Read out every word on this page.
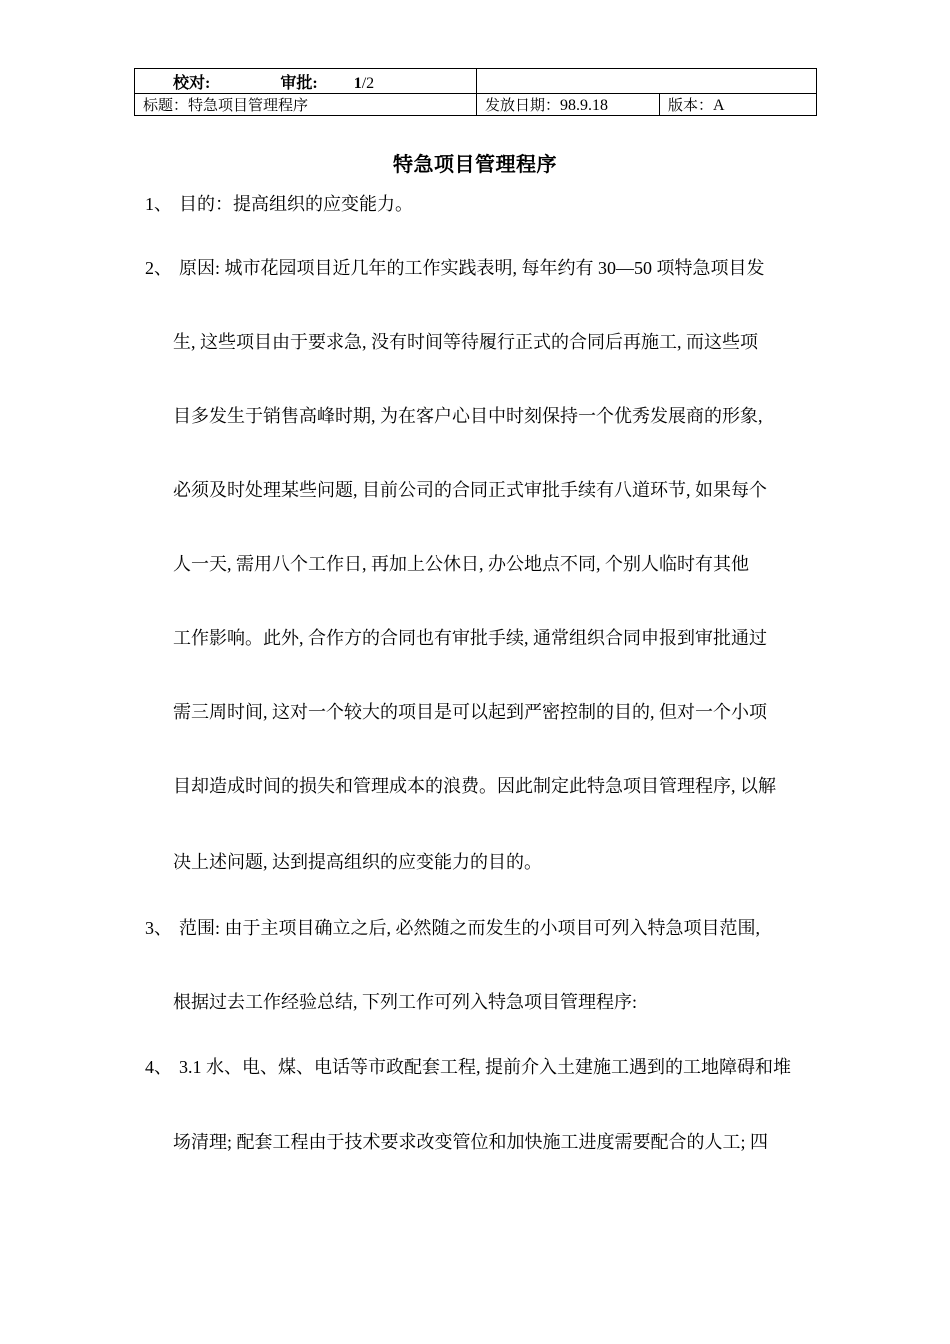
校对: 审批: 1/2		
标题：特急项目管理程序	发放日期：98.9.18	版本：A
特急项目管理程序
1、 目的：提高组织的应变能力。
2、 原因: 城市花园项目近几年的工作实践表明, 每年约有 30—50 项特急项目发
生, 这些项目由于要求急, 没有时间等待履行正式的合同后再施工, 而这些项
目多发生于销售高峰时期, 为在客户心目中时刻保持一个优秀发展商的形象,
必须及时处理某些问题, 目前公司的合同正式审批手续有八道环节, 如果每个
人一天, 需用八个工作日, 再加上公休日, 办公地点不同, 个别人临时有其他
工作影响。此外, 合作方的合同也有审批手续, 通常组织合同申报到审批通过
需三周时间, 这对一个较大的项目是可以起到严密控制的目的, 但对一个小项
目却造成时间的损失和管理成本的浪费。因此制定此特急项目管理程序, 以解
决上述问题, 达到提高组织的应变能力的目的。
3、 范围: 由于主项目确立之后, 必然随之而发生的小项目可列入特急项目范围,
根据过去工作经验总结, 下列工作可列入特急项目管理程序:
4、 3.1 水、电、煤、电话等市政配套工程, 提前介入土建施工遇到的工地障碍和堆
场清理; 配套工程由于技术要求改变管位和加快施工进度需要配合的人工; 四
